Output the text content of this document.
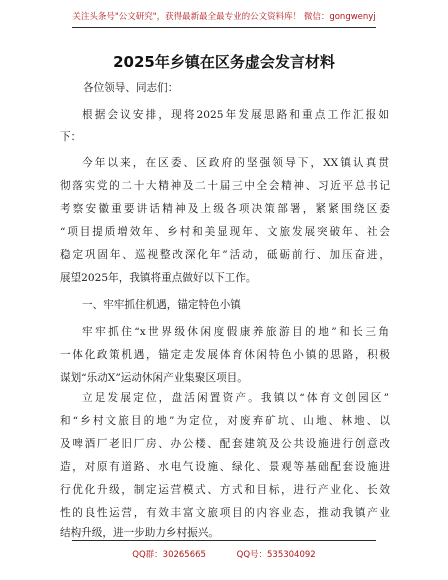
关注头条号"公文研究"，获得最新最全最专业的公文资料库！ 微信：gongwenyj
2025年乡镇在区务虚会发言材料
各位领导、同志们：
根据会议安排，现将2025年发展思路和重点工作汇报如
下：
今年以来，在区委、区政府的坚强领导下，XX镇认真贯
彻落实党的二十大精神及二十届三中全会精神、习近平总书记
考察安徽重要讲话精神及上级各项决策部署，紧紧围绕区委
“项目提质增效年、乡村和美显现年、文旅发展突破年、社会
稳定巩固年、巡视整改深化年”活动，砥砺前行、加压奋进，
展望2025年，我镇将重点做好以下工作。
一、牢牢抓住机遇，锚定特色小镇
牢牢抓住“x世界级休闲度假康养旅游目的地”和长三角
一体化政策机遇，锚定走发展体育休闲特色小镇的思路，积极
谋划“乐动X”运动休闲产业集聚区项目。
立足发展定位，盘活闲置资产。我镇以“体育文创园区”
和“乡村文旅目的地”为定位，对废弃矿坑、山地、林地、以
及啤酒厂老旧厂房、办公楼、配套建筑及公共设施进行创意改
造，对原有道路、水电气设施、绿化、景观等基础配套设施进
行优化升级，制定运营模式、方式和目标，进行产业化、长效
性的良性运营，有效丰富文旅项目的内容业态，推动我镇产业
结构升级，进一步助力乡村振兴。
QQ群：30265665	QQ号：535304092
